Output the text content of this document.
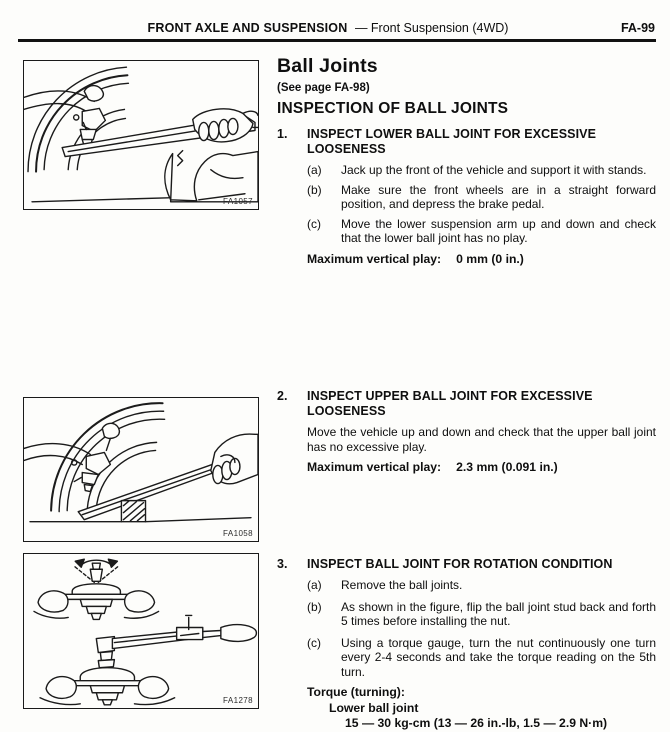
FRONT AXLE AND SUSPENSION — Front Suspension (4WD)	FA-99
FA1057
FA1058
FA1278
Ball Joints
(See page FA-98)
INSPECTION OF BALL JOINTS
1.	INSPECT LOWER BALL JOINT FOR EXCESSIVE LOOSENESS
(a)	Jack up the front of the vehicle and support it with stands.
(b)	Make sure the front wheels are in a straight forward position, and depress the brake pedal.
(c)	Move the lower suspension arm up and down and check that the lower ball joint has no play.
Maximum vertical play: 0 mm (0 in.)
2.	INSPECT UPPER BALL JOINT FOR EXCESSIVE LOOSENESS
Move the vehicle up and down and check that the upper ball joint has no excessive play.
Maximum vertical play: 2.3 mm (0.091 in.)
3.	INSPECT BALL JOINT FOR ROTATION CONDITION
(a)	Remove the ball joints.
(b)	As shown in the figure, flip the ball joint stud back and forth 5 times before installing the nut.
(c)	Using a torque gauge, turn the nut continuously one turn every 2-4 seconds and take the torque reading on the 5th turn.
Torque (turning):
Lower ball joint
15 — 30 kg-cm (13 — 26 in.-lb, 1.5 — 2.9 N·m)
